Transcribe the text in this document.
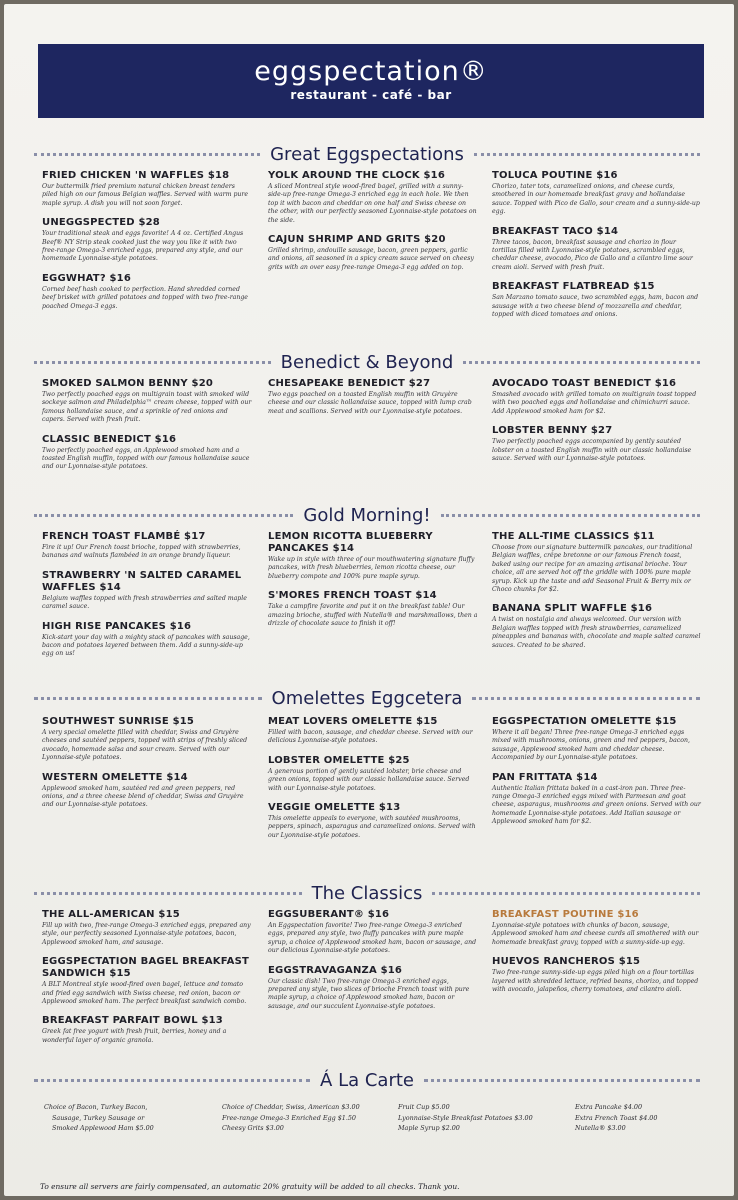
eggspectation®
restaurant - café - bar
Great Eggspectations
FRIED CHICKEN 'N WAFFLES $18
Our buttermilk fried premium natural chicken breast tenders piled high on our famous Belgian waffles. Served with warm pure maple syrup. A dish you will not soon forget.
UNEGGSPECTED $28
Your traditional steak and eggs favorite! A 4 oz. Certified Angus Beef® NY Strip steak cooked just the way you like it with two free-range Omega-3 enriched eggs, prepared any style, and our homemade Lyonnaise-style potatoes.
EGGWHAT? $16
Corned beef hash cooked to perfection. Hand shredded corned beef brisket with grilled potatoes and topped with two free-range poached Omega-3 eggs.
YOLK AROUND THE CLOCK $16
A sliced Montreal style wood-fired bagel, grilled with a sunny-side-up free-range Omega-3 enriched egg in each hole. We then top it with bacon and cheddar on one half and Swiss cheese on the other, with our perfectly seasoned Lyonnaise-style potatoes on the side.
CAJUN SHRIMP AND GRITS $20
Grilled shrimp, andouille sausage, bacon, green peppers, garlic and onions, all seasoned in a spicy cream sauce served on cheesy grits with an over easy free-range Omega-3 egg added on top.
TOLUCA POUTINE $16
Chorizo, tater tots, caramelized onions, and cheese curds, smothered in our homemade breakfast gravy and hollandaise sauce. Topped with Pico de Gallo, sour cream and a sunny-side-up egg.
BREAKFAST TACO $14
Three tacos, bacon, breakfast sausage and chorizo in flour tortillas filled with Lyonnaise-style potatoes, scrambled eggs, cheddar cheese, avocado, Pico de Gallo and a cilantro lime sour cream aioli. Served with fresh fruit.
BREAKFAST FLATBREAD $15
San Marzano tomato sauce, two scrambled eggs, ham, bacon and sausage with a two cheese blend of mozzarella and cheddar, topped with diced tomatoes and onions.
Benedict & Beyond
SMOKED SALMON BENNY $20
Two perfectly poached eggs on multigrain toast with smoked wild sockeye salmon and Philadelphia™ cream cheese, topped with our famous hollandaise sauce, and a sprinkle of red onions and capers. Served with fresh fruit.
CLASSIC BENEDICT $16
Two perfectly poached eggs, an Applewood smoked ham and a toasted English muffin, topped with our famous hollandaise sauce and our Lyonnaise-style potatoes.
CHESAPEAKE BENEDICT $27
Two eggs poached on a toasted English muffin with Gruyère cheese and our classic hollandaise sauce, topped with lump crab meat and scallions. Served with our Lyonnaise-style potatoes.
AVOCADO TOAST BENEDICT $16
Smashed avocado with grilled tomato on multigrain toast topped with two poached eggs and hollandaise and chimichurri sauce. Add Applewood smoked ham for $2.
LOBSTER BENNY $27
Two perfectly poached eggs accompanied by gently sautéed lobster on a toasted English muffin with our classic hollandaise sauce. Served with our Lyonnaise-style potatoes.
Gold Morning!
FRENCH TOAST FLAMBÉ $17
Fire it up! Our French toast brioche, topped with strawberries, bananas and walnuts flambéed in an orange brandy liqueur.
STRAWBERRY 'N SALTED CARAMEL WAFFLES $14
Belgium waffles topped with fresh strawberries and salted maple caramel sauce.
HIGH RISE PANCAKES $16
Kick-start your day with a mighty stack of pancakes with sausage, bacon and potatoes layered between them. Add a sunny-side-up egg on us!
LEMON RICOTTA BLUEBERRY PANCAKES $14
Wake up in style with three of our mouthwatering signature fluffy pancakes, with fresh blueberries, lemon ricotta cheese, our blueberry compote and 100% pure maple syrup.
S'MORES FRENCH TOAST $14
Take a campfire favorite and put it on the breakfast table! Our amazing brioche, stuffed with Nutella® and marshmallows, then a drizzle of chocolate sauce to finish it off!
THE ALL-TIME CLASSICS $11
Choose from our signature buttermilk pancakes, our traditional Belgian waffles, crêpe bretonne or our famous French toast, baked using our recipe for an amazing artisanal brioche. Your choice, all are served hot off the griddle with 100% pure maple syrup. Kick up the taste and add Seasonal Fruit & Berry mix or Choco chunks for $2.
BANANA SPLIT WAFFLE $16
A twist on nostalgia and always welcomed. Our version with Belgian waffles topped with fresh strawberries, caramelized pineapples and bananas with, chocolate and maple salted caramel sauces. Created to be shared.
Omelettes Eggcetera
SOUTHWEST SUNRISE $15
A very special omelette filled with cheddar, Swiss and Gruyère cheeses and sautéed peppers, topped with strips of freshly sliced avocado, homemade salsa and sour cream. Served with our Lyonnaise-style potatoes.
WESTERN OMELETTE $14
Applewood smoked ham, sautéed red and green peppers, red onions, and a three cheese blend of cheddar, Swiss and Gruyère and our Lyonnaise-style potatoes.
MEAT LOVERS OMELETTE $15
Filled with bacon, sausage, and cheddar cheese. Served with our delicious Lyonnaise-style potatoes.
LOBSTER OMELETTE $25
A generous portion of gently sautéed lobster, brie cheese and green onions, topped with our classic hollandaise sauce. Served with our Lyonnaise-style potatoes.
VEGGIE OMELETTE $13
This omelette appeals to everyone, with sautéed mushrooms, peppers, spinach, asparagus and caramelized onions. Served with our Lyonnaise-style potatoes.
EGGSPECTATION OMELETTE $15
Where it all began! Three free-range Omega-3 enriched eggs mixed with mushrooms, onions, green and red peppers, bacon, sausage, Applewood smoked ham and cheddar cheese. Accompanied by our Lyonnaise-style potatoes.
PAN FRITTATA $14
Authentic Italian frittata baked in a cast-iron pan. Three free-range Omega-3 enriched eggs mixed with Parmesan and goat cheese, asparagus, mushrooms and green onions. Served with our homemade Lyonnaise-style potatoes. Add Italian sausage or Applewood smoked ham for $2.
The Classics
THE ALL-AMERICAN $15
Fill up with two, free-range Omega-3 enriched eggs, prepared any style, our perfectly seasoned Lyonnaise-style potatoes, bacon, Applewood smoked ham, and sausage.
EGGSPECTATION BAGEL BREAKFAST SANDWICH $15
A BLT Montreal style wood-fired oven bagel, lettuce and tomato and fried egg sandwich with Swiss cheese, red onion, bacon or Applewood smoked ham. The perfect breakfast sandwich combo.
BREAKFAST PARFAIT BOWL $13
Greek fat free yogurt with fresh fruit, berries, honey and a wonderful layer of organic granola.
EGGSUBERANT® $16
An Eggspectation favorite! Two free-range Omega-3 enriched eggs, prepared any style, two fluffy pancakes with pure maple syrup, a choice of Applewood smoked ham, bacon or sausage, and our delicious Lyonnaise-style potatoes.
EGGSTRAVAGANZA $16
Our classic dish! Two free-range Omega-3 enriched eggs, prepared any style, two slices of brioche French toast with pure maple syrup, a choice of Applewood smoked ham, bacon or sausage, and our succulent Lyonnaise-style potatoes.
BREAKFAST POUTINE $16
Lyonnaise-style potatoes with chunks of bacon, sausage, Applewood smoked ham and cheese curds all smothered with our homemade breakfast gravy, topped with a sunny-side-up egg.
HUEVOS RANCHEROS $15
Two free-range sunny-side-up eggs piled high on a flour tortillas layered with shredded lettuce, refried beans, chorizo, and topped with avocado, jalapeños, cherry tomatoes, and cilantro aioli.
Á La Carte
Choice of Bacon, Turkey Bacon,
Sausage, Turkey Sausage or
Smoked Applewood Ham $5.00
Choice of Cheddar, Swiss, American $3.00
Free-range Omega-3 Enriched Egg $1.50
Cheesy Grits $3.00
Fruit Cup $5.00
Lyonnaise-Style Breakfast Potatoes $3.00
Maple Syrup $2.00
Extra Pancake $4.00
Extra French Toast $4.00
Nutella® $3.00
To ensure all servers are fairly compensated, an automatic 20% gratuity will be added to all checks. Thank you.
